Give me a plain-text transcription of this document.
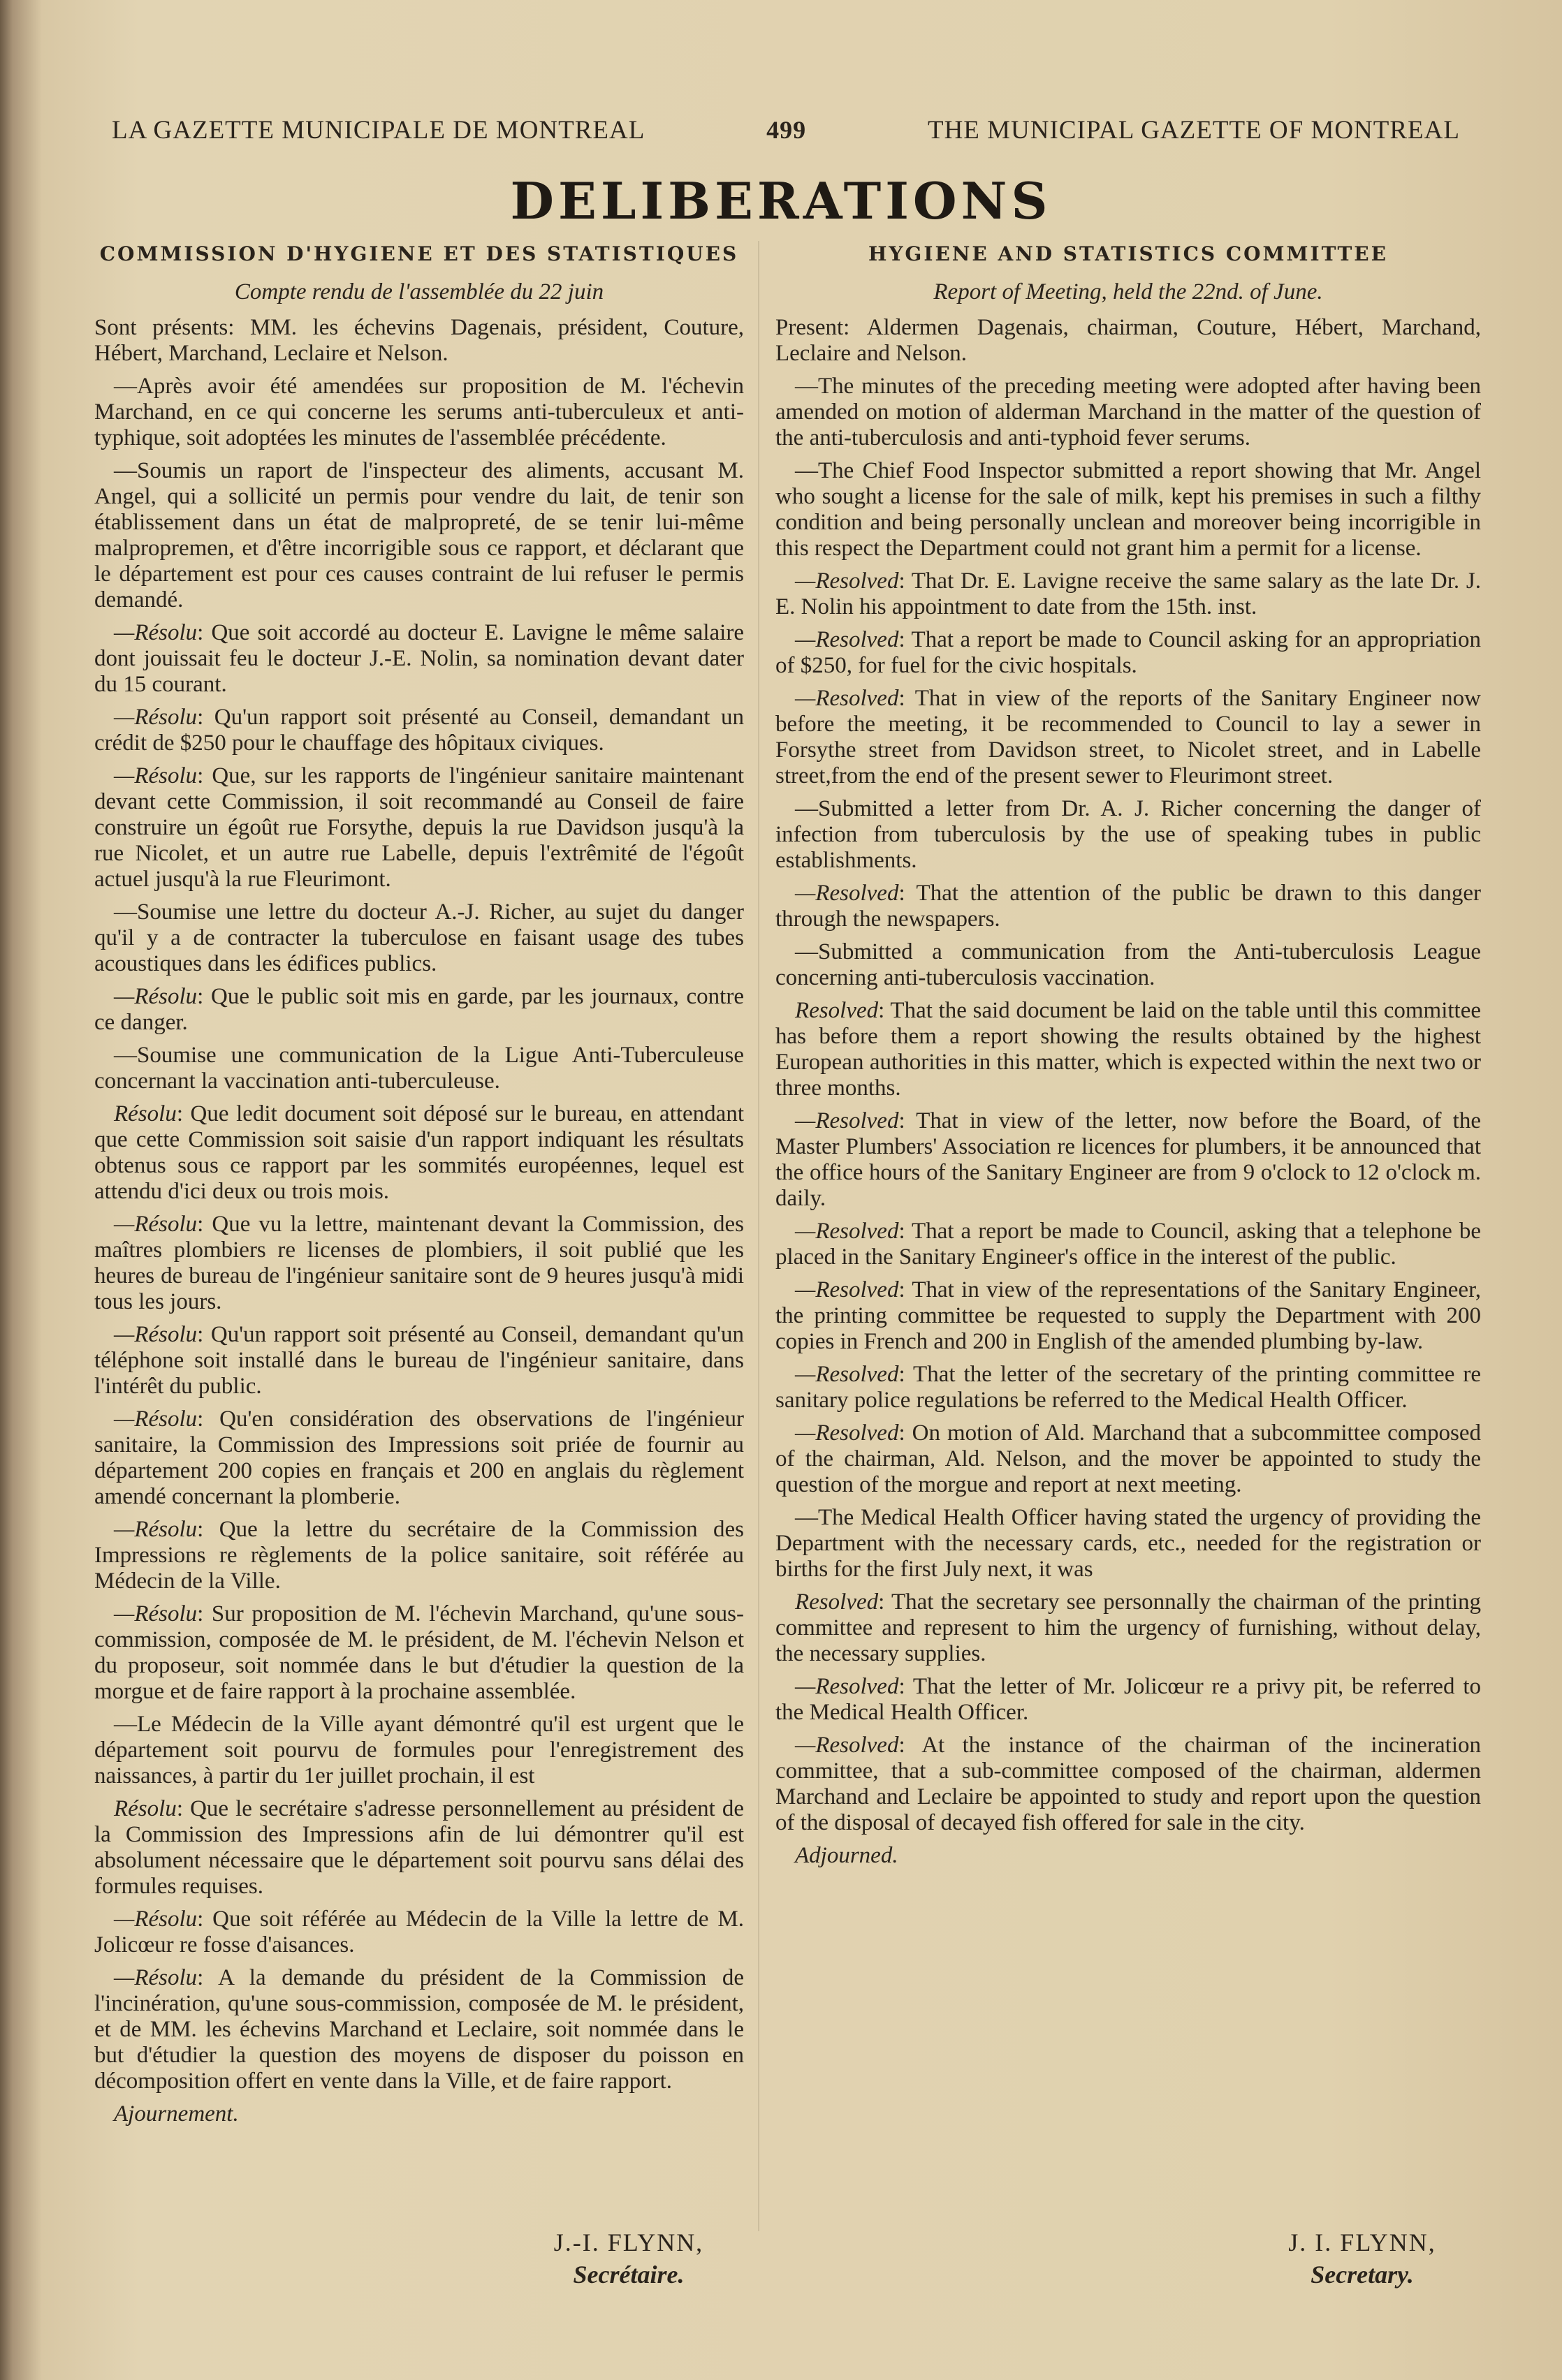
LA GAZETTE MUNICIPALE DE MONTREAL	499	THE MUNICIPAL GAZETTE OF MONTREAL
DELIBERATIONS
COMMISSION D'HYGIENE ET DES STATISTIQUES
Compte rendu de l'assemblée du 22 juin

Sont présents: MM. les échevins Dagenais, président, Couture, Hébert, Marchand, Leclaire et Nelson.

—Après avoir été amendées sur proposition de M. l'échevin Marchand, en ce qui concerne les serums anti-tuberculeux et anti-typhique, soit adoptées les minutes de l'assemblée précédente.

—Soumis un raport de l'inspecteur des aliments, accusant M. Angel, qui a sollicité un permis pour vendre du lait, de tenir son établissement dans un état de malpropreté, de se tenir lui-même malpropremen, et d'être incorrigible sous ce rapport, et déclarant que le département est pour ces causes contraint de lui refuser le permis demandé.

—Résolu: Que soit accordé au docteur E. Lavigne le même salaire dont jouissait feu le docteur J.-E. Nolin, sa nomination devant dater du 15 courant.

—Résolu: Qu'un rapport soit présenté au Conseil, demandant un crédit de $250 pour le chauffage des hôpitaux civiques.

—Résolu: Que, sur les rapports de l'ingénieur sanitaire maintenant devant cette Commission, il soit recommandé au Conseil de faire construire un égoût rue Forsythe, depuis la rue Davidson jusqu'à la rue Nicolet, et un autre rue Labelle, depuis l'extrêmité de l'égoût actuel jusqu'à la rue Fleurimont.

—Soumise une lettre du docteur A.-J. Richer, au sujet du danger qu'il y a de contracter la tuberculose en faisant usage des tubes acoustiques dans les édifices publics.

—Résolu: Que le public soit mis en garde, par les journaux, contre ce danger.

—Soumise une communication de la Ligue Anti-Tuberculeuse concernant la vaccination anti-tuberculeuse.

Résolu: Que ledit document soit déposé sur le bureau, en attendant que cette Commission soit saisie d'un rapport indiquant les résultats obtenus sous ce rapport par les sommités européennes, lequel est attendu d'ici deux ou trois mois.

—Résolu: Que vu la lettre, maintenant devant la Commission, des maîtres plombiers re licenses de plombiers, il soit publié que les heures de bureau de l'ingénieur sanitaire sont de 9 heures jusqu'à midi tous les jours.

—Résolu: Qu'un rapport soit présenté au Conseil, demandant qu'un téléphone soit installé dans le bureau de l'ingénieur sanitaire, dans l'intérêt du public.

—Résolu: Qu'en considération des observations de l'ingénieur sanitaire, la Commission des Impressions soit priée de fournir au département 200 copies en français et 200 en anglais du règlement amendé concernant la plomberie.

—Résolu: Que la lettre du secrétaire de la Commission des Impressions re règlements de la police sanitaire, soit référée au Médecin de la Ville.

—Résolu: Sur proposition de M. l'échevin Marchand, qu'une sous-commission, composée de M. le président, de M. l'échevin Nelson et du proposeur, soit nommée dans le but d'étudier la question de la morgue et de faire rapport à la prochaine assemblée.

—Le Médecin de la Ville ayant démontré qu'il est urgent que le département soit pourvu de formules pour l'enregistrement des naissances, à partir du 1er juillet prochain, il est

Résolu: Que le secrétaire s'adresse personnellement au président de la Commission des Impressions afin de lui démontrer qu'il est absolument nécessaire que le département soit pourvu sans délai des formules requises.

—Résolu: Que soit référée au Médecin de la Ville la lettre de M. Jolicœur re fosse d'aisances.

—Résolu: A la demande du président de la Commission de l'incinération, qu'une sous-commission, composée de M. le président, et de MM. les échevins Marchand et Leclaire, soit nommée dans le but d'étudier la question des moyens de disposer du poisson en décomposition offert en vente dans la Ville, et de faire rapport.

Ajournement.

HYGIENE AND STATISTICS COMMITTEE
Report of Meeting, held the 22nd. of June.

Present: Aldermen Dagenais, chairman, Couture, Hébert, Marchand, Leclaire and Nelson.

—The minutes of the preceding meeting were adopted after having been amended on motion of alderman Marchand in the matter of the question of the anti-tuberculosis and anti-typhoid fever serums.

—The Chief Food Inspector submitted a report showing that Mr. Angel who sought a license for the sale of milk, kept his premises in such a filthy condition and being personally unclean and moreover being incorrigible in this respect the Department could not grant him a permit for a license.

—Resolved: That Dr. E. Lavigne receive the same salary as the late Dr. J. E. Nolin his appointment to date from the 15th. inst.

—Resolved: That a report be made to Council asking for an appropriation of $250, for fuel for the civic hospitals.

—Resolved: That in view of the reports of the Sanitary Engineer now before the meeting, it be recommended to Council to lay a sewer in Forsythe street from Davidson street, to Nicolet street, and in Labelle street,from the end of the present sewer to Fleurimont street.

—Submitted a letter from Dr. A. J. Richer concerning the danger of infection from tuberculosis by the use of speaking tubes in public establishments.

—Resolved: That the attention of the public be drawn to this danger through the newspapers.

—Submitted a communication from the Anti-tuberculosis League concerning anti-tuberculosis vaccination.

Resolved: That the said document be laid on the table until this committee has before them a report showing the results obtained by the highest European authorities in this matter, which is expected within the next two or three months.

—Resolved: That in view of the letter, now before the Board, of the Master Plumbers' Association re licences for plumbers, it be announced that the office hours of the Sanitary Engineer are from 9 o'clock to 12 o'clock m. daily.

—Resolved: That a report be made to Council, asking that a telephone be placed in the Sanitary Engineer's office in the interest of the public.

—Resolved: That in view of the representations of the Sanitary Engineer, the printing committee be requested to supply the Department with 200 copies in French and 200 in English of the amended plumbing by-law.

—Resolved: That the letter of the secretary of the printing committee re sanitary police regulations be referred to the Medical Health Officer.

—Resolved: On motion of Ald. Marchand that a subcommittee composed of the chairman, Ald. Nelson, and the mover be appointed to study the question of the morgue and report at next meeting.

—The Medical Health Officer having stated the urgency of providing the Department with the necessary cards, etc., needed for the registration or births for the first July next, it was

Resolved: That the secretary see personnally the chairman of the printing committee and represent to him the urgency of furnishing, without delay, the necessary supplies.

—Resolved: That the letter of Mr. Jolicœur re a privy pit, be referred to the Medical Health Officer.

—Resolved: At the instance of the chairman of the incineration committee, that a sub-committee composed of the chairman, aldermen Marchand and Leclaire be appointed to study and report upon the question of the disposal of decayed fish offered for sale in the city.

Adjourned.

J.-I. FLYNN,
Secrétaire.
J. I. FLYNN,
Secretary.
